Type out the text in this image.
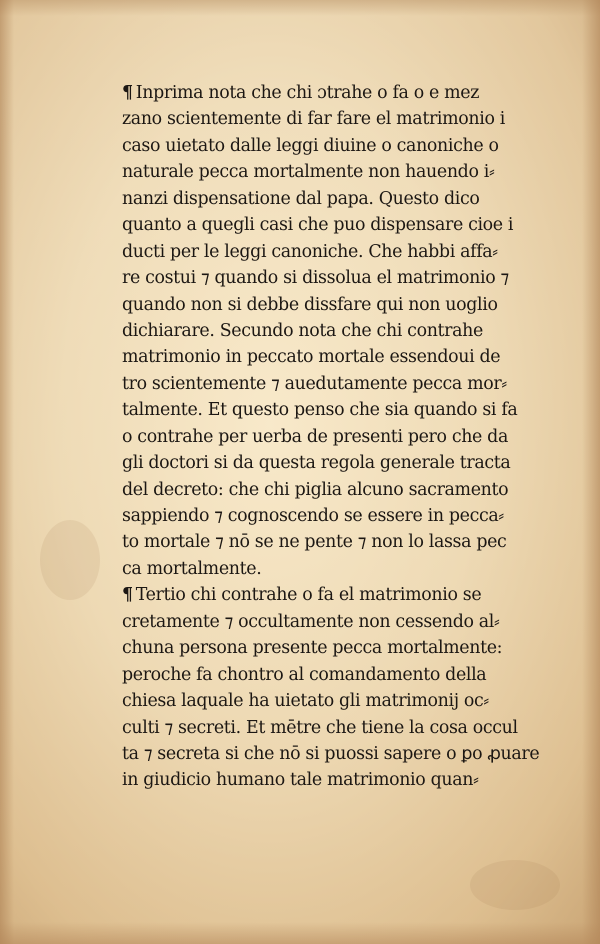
¶ Inprima nota che chi ɔtrahe o fa o e mez
zano scientemente di far fare el matrimonio i
caso uietato dalle leggi diuine o canoniche o
naturale pecca mortalmente non hauendo i⸗
nanzi dispensatione dal papa. Questo dico
quanto a quegli casi che puo dispensare cioe i
ducti per le leggi canoniche. Che habbi affa⸗
re costui ⁊ quando si dissolua el matrimonio ⁊
quando non si debbe dissfare qui non uoglio
dichiarare. Secundo nota che chi contrahe
matrimonio in peccato mortale essendoui de
tro scientemente ⁊ auedutamente pecca mor⸗
talmente. Et questo penso che sia quando si fa
o contrahe per uerba de presenti pero che da
gli doctori si da questa regola generale tracta
del decreto: che chi piglia alcuno sacramento
sappiendo ⁊ cognoscendo se essere in pecca⸗
to mortale ⁊ nō se ne pente ⁊ non lo lassa pec
ca mortalmente.
¶ Tertio chi contrahe o fa el matrimonio se
cretamente ⁊ occultamente non cessendo al⸗
chuna persona presente pecca mortalmente:
peroche fa chontro al comandamento della
chiesa laquale ha uietato gli matrimonij oc⸗
culti ⁊ secreti. Et mētre che tiene la cosa occul
ta ⁊ secreta si che nō si puossi sapere o ꝑo ꝓuare
in giudicio humano tale matrimonio quan⸗
